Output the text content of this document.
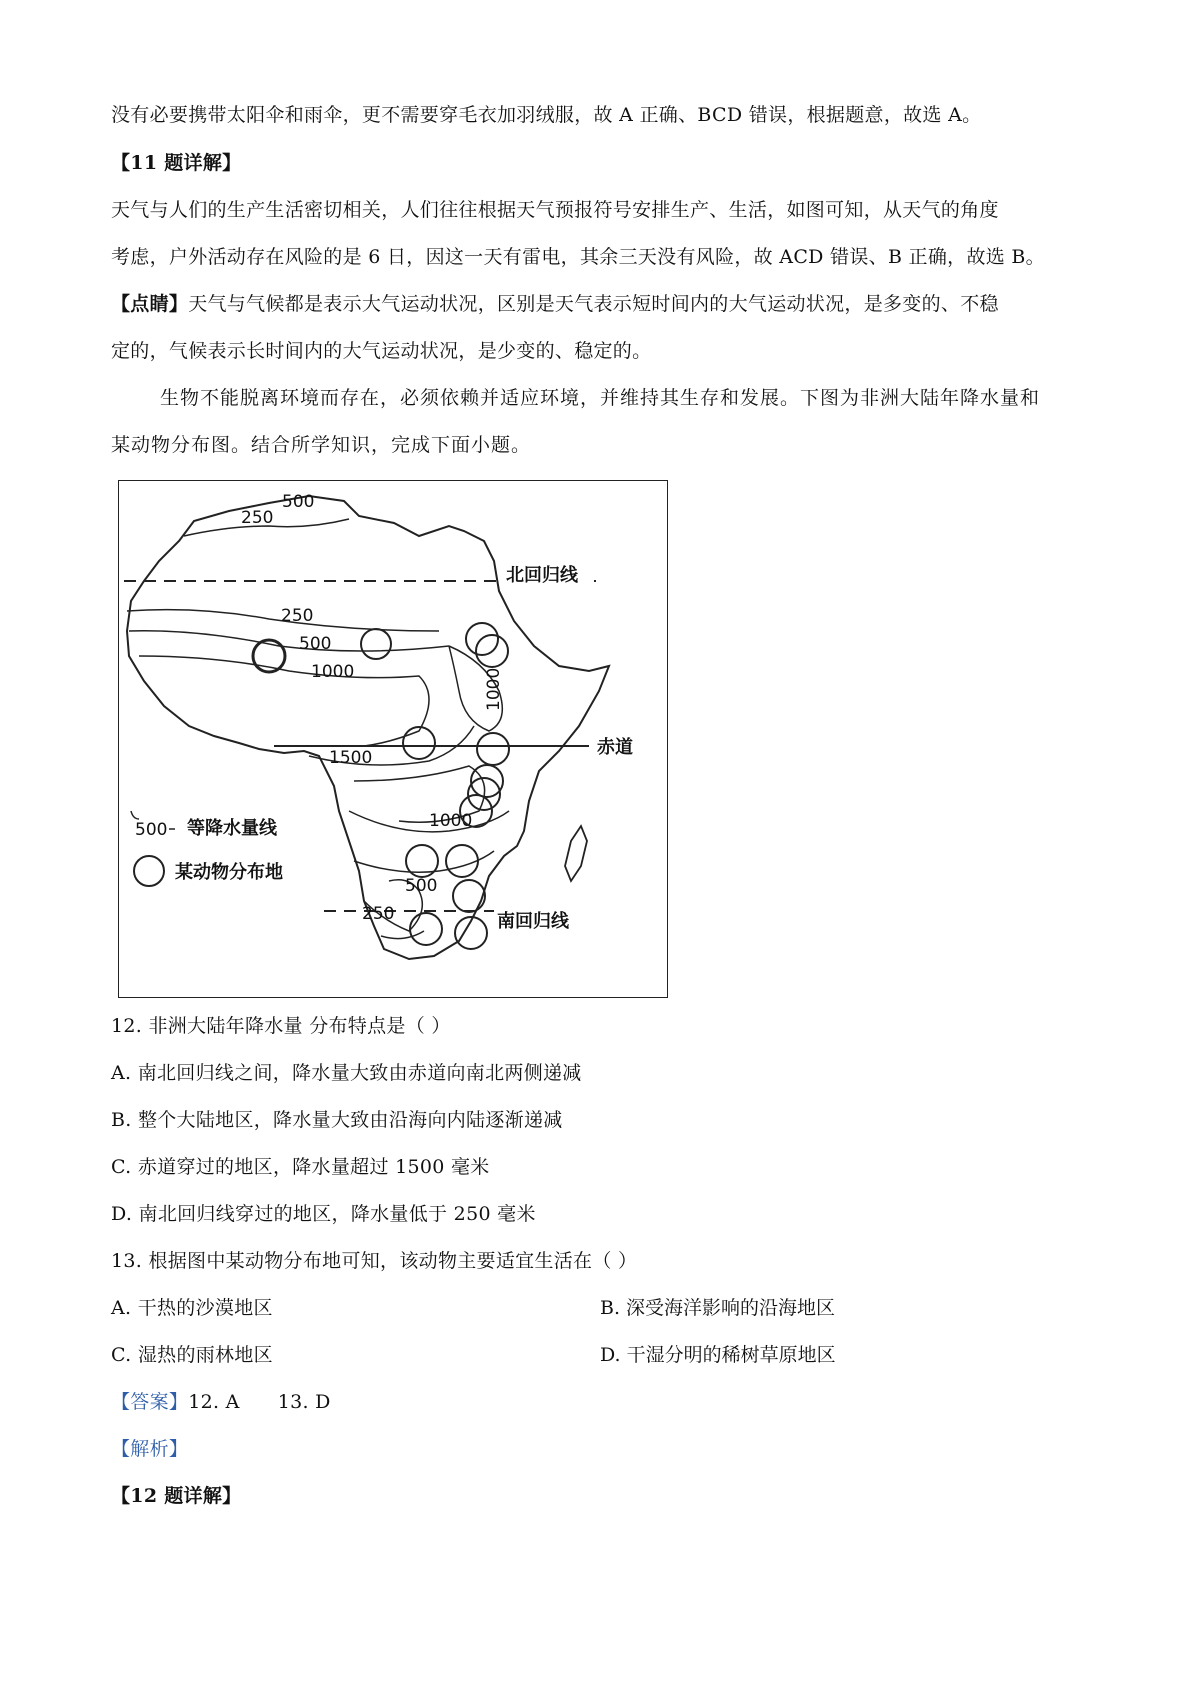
没有必要携带太阳伞和雨伞，更不需要穿毛衣加羽绒服，故 A 正确、BCD 错误，根据题意，故选 A。
【11 题详解】
天气与人们的生产生活密切相关，人们往往根据天气预报符号安排生产、生活，如图可知，从天气的角度
考虑，户外活动存在风险的是 6 日，因这一天有雷电，其余三天没有风险，故 ACD 错误、B 正确，故选 B。
【点睛】天气与气候都是表示大气运动状况，区别是天气表示短时间内的大气运动状况，是多变的、不稳
定的，气候表示长时间内的大气运动状况，是少变的、稳定的。
生物不能脱离环境而存在，必须依赖并适应环境，并维持其生存和发展。下图为非洲大陆年降水量和
某动物分布图。结合所学知识，完成下面小题。
500
250
250
500
1000	1000
1500
1000
500
250
北回归线
赤道
南回归线
500 等降水量线
某动物分布地
12. 非洲大陆年降水量 分布特点是（ ）
A. 南北回归线之间，降水量大致由赤道向南北两侧递减
B. 整个大陆地区，降水量大致由沿海向内陆逐渐递减
C. 赤道穿过的地区，降水量超过 1500 毫米
D. 南北回归线穿过的地区，降水量低于 250 毫米
13. 根据图中某动物分布地可知，该动物主要适宜生活在（ ）
A. 干热的沙漠地区	B. 深受海洋影响的沿海地区
C. 湿热的雨林地区	D. 干湿分明的稀树草原地区
【答案】12. A      13. D
【解析】
【12 题详解】
